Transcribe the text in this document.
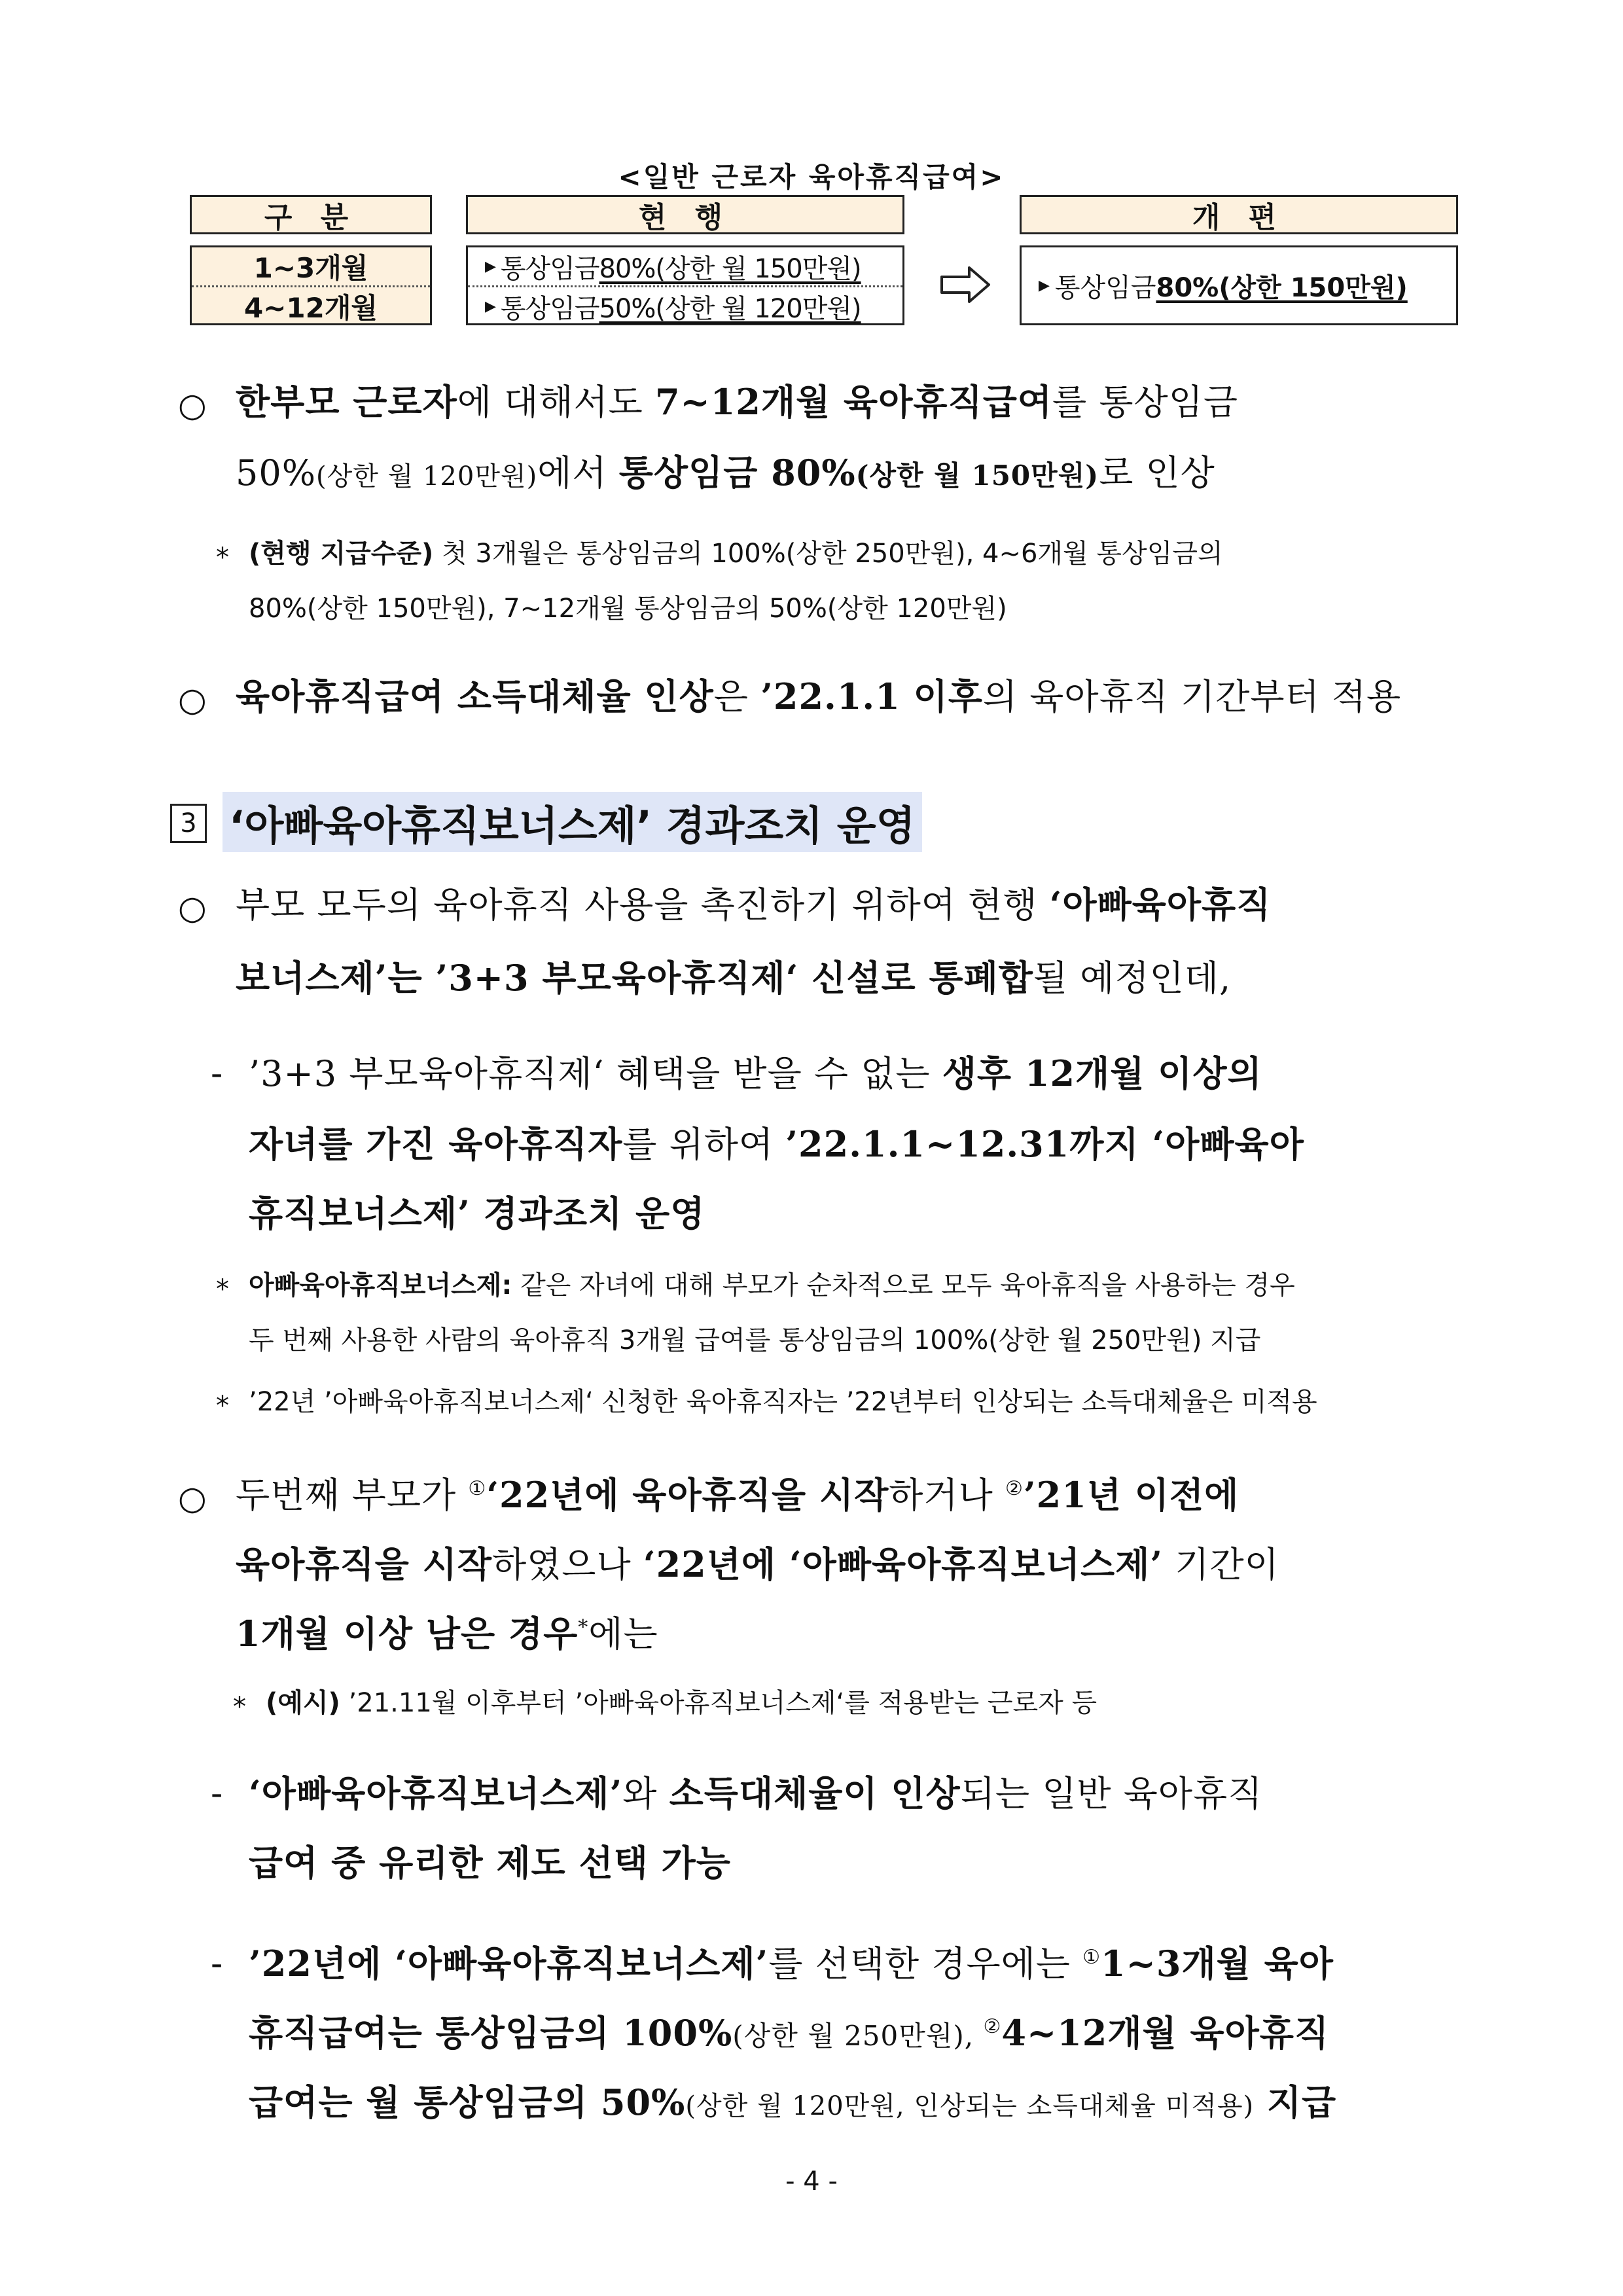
<일반 근로자 육아휴직급여>
구 분	현 행	개 편
1~3개월
4~12개월
▶ 통상임금 80%(상한 월 150만원)
▶ 통상임금 50%(상한 월 120만원)
▶ 통상임금 80%(상한 150만원)
○ 한부모 근로자에 대해서도 7~12개월 육아휴직급여를 통상임금
50%(상한 월 120만원)에서 통상임금 80%(상한 월 150만원)로 인상
* (현행 지급수준) 첫 3개월은 통상임금의 100%(상한 250만원), 4~6개월 통상임금의
80%(상한 150만원), 7~12개월 통상임금의 50%(상한 120만원)
○ 육아휴직급여 소득대체율 인상은 ’22.1.1 이후의 육아휴직 기간부터 적용
3 ‘아빠육아휴직보너스제’ 경과조치 운영
○ 부모 모두의 육아휴직 사용을 촉진하기 위하여 현행 ‘아빠육아휴직
보너스제’는 ’3+3 부모육아휴직제‘ 신설로 통폐합될 예정인데,
- ’3+3 부모육아휴직제‘ 혜택을 받을 수 없는 생후 12개월 이상의
자녀를 가진 육아휴직자를 위하여 ’22.1.1~12.31까지 ‘아빠육아
휴직보너스제’ 경과조치 운영
* 아빠육아휴직보너스제: 같은 자녀에 대해 부모가 순차적으로 모두 육아휴직을 사용하는 경우
두 번째 사용한 사람의 육아휴직 3개월 급여를 통상임금의 100%(상한 월 250만원) 지급
* ’22년 ’아빠육아휴직보너스제‘ 신청한 육아휴직자는 ’22년부터 인상되는 소득대체율은 미적용
○ 두번째 부모가 ①‘22년에 육아휴직을 시작하거나 ②’21년 이전에
육아휴직을 시작하였으나 ‘22년에 ‘아빠육아휴직보너스제’ 기간이
1개월 이상 남은 경우*에는
* (예시) ’21.11월 이후부터 ’아빠육아휴직보너스제‘를 적용받는 근로자 등
- ‘아빠육아휴직보너스제’와 소득대체율이 인상되는 일반 육아휴직
급여 중 유리한 제도 선택 가능
- ’22년에 ‘아빠육아휴직보너스제’를 선택한 경우에는 ①1~3개월 육아
휴직급여는 통상임금의 100%(상한 월 250만원), ②4~12개월 육아휴직
급여는 월 통상임금의 50%(상한 월 120만원, 인상되는 소득대체율 미적용) 지급
- 4 -
